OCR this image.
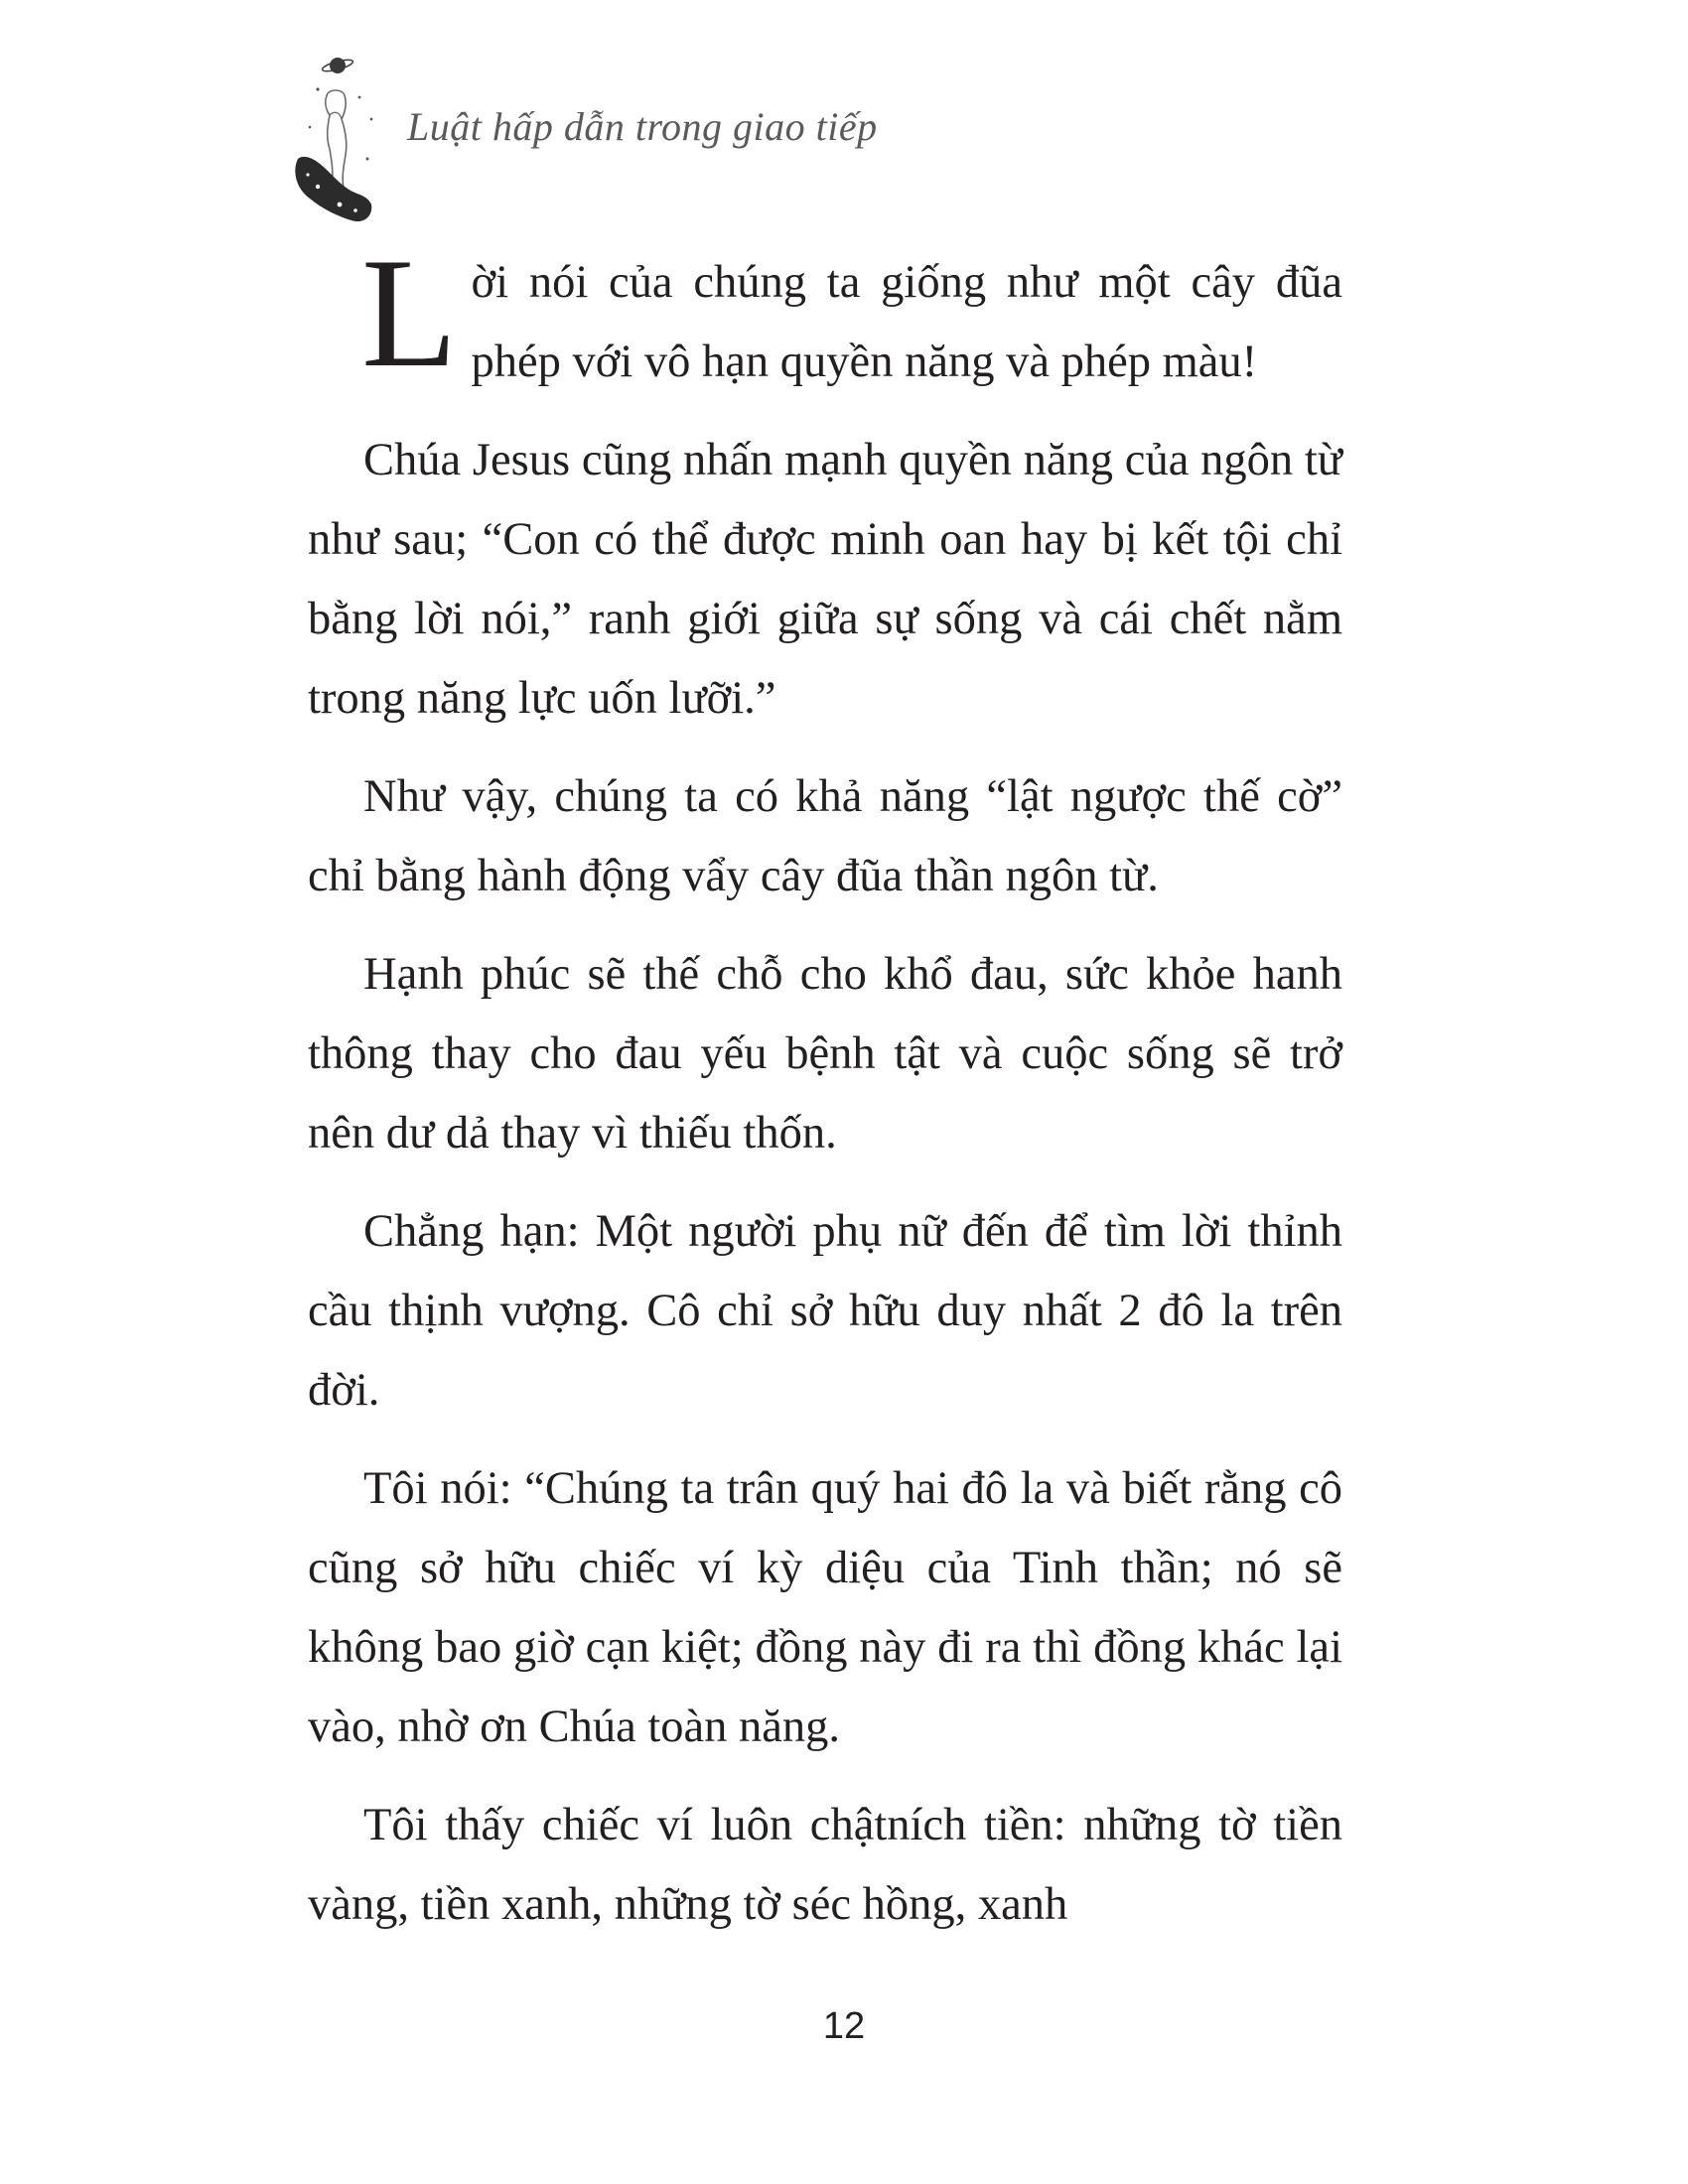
Luật hấp dẫn trong giao tiếp

Lời nói của chúng ta giống như một cây đũa phép với vô hạn quyền năng và phép màu!

Chúa Jesus cũng nhấn mạnh quyền năng của ngôn từ như sau; “Con có thể được minh oan hay bị kết tội chỉ bằng lời nói,” ranh giới giữa sự sống và cái chết nằm trong năng lực uốn lưỡi.”

Như vậy, chúng ta có khả năng “lật ngược thế cờ” chỉ bằng hành động vẩy cây đũa thần ngôn từ.

Hạnh phúc sẽ thế chỗ cho khổ đau, sức khỏe hanh thông thay cho đau yếu bệnh tật và cuộc sống sẽ trở nên dư dả thay vì thiếu thốn.

Chẳng hạn: Một người phụ nữ đến để tìm lời thỉnh cầu thịnh vượng. Cô chỉ sở hữu duy nhất 2 đô la trên đời.

Tôi nói: “Chúng ta trân quý hai đô la và biết rằng cô cũng sở hữu chiếc ví kỳ diệu của Tinh thần; nó sẽ không bao giờ cạn kiệt; đồng này đi ra thì đồng khác lại vào, nhờ ơn Chúa toàn năng.

Tôi thấy chiếc ví luôn chậtních tiền: những tờ tiền vàng, tiền xanh, những tờ séc hồng, xanh

12
